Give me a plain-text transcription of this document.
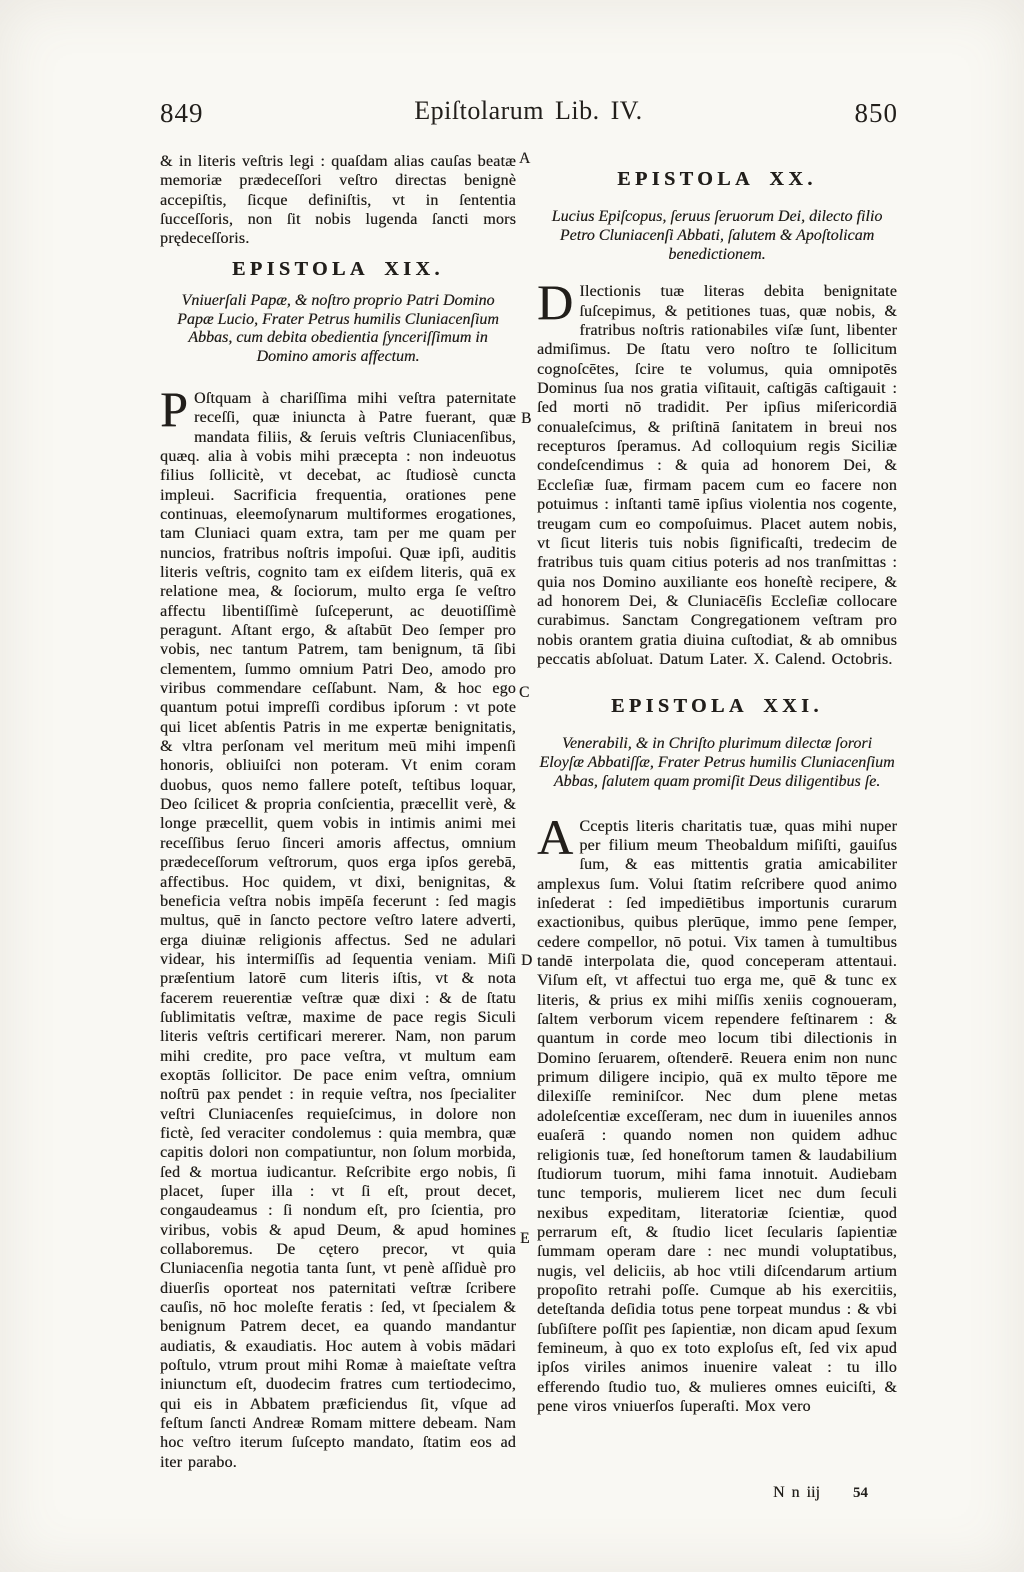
849	Epiſtolarum Lib. IV.	850

& in literis veſtris legi : quaſdam alias cauſas beatæ memoriæ prædeceſſori veſtro directas benignè accepiſtis, ſicque definiſtis, vt in ſententia ſucceſſoris, non ſit nobis lugenda ſancti mors prędeceſſoris.

EPISTOLA XIX.

Vniuerſali Papæ, & noſtro proprio Patri Domino Papæ Lucio, Frater Petrus humilis Cluniacenſium Abbas, cum debita obedientia ſynceriſſimum in Domino amoris affectum.

P Oſtquam à chariſſima mihi veſtra paternitate receſſi, quæ iniuncta à Patre fuerant, quæ mandata filiis, & ſeruis veſtris Cluniacenſibus, quæq. alia à vobis mihi præcepta : non indeuotus filius ſollicitè, vt decebat, ac ſtudiosè cuncta impleui. Sacrificia frequentia, orationes pene continuas, eleemoſynarum multiformes erogationes, tam Cluniaci quam extra, tam per me quam per nuncios, fratribus noſtris impoſui. Quæ ipſi, auditis literis veſtris, cognito tam ex eiſdem literis, quā ex relatione mea, & ſociorum, multo erga ſe veſtro affectu libentiſſimè ſuſceperunt, ac deuotiſſimè peragunt. Aſtant ergo, & aſtabūt Deo ſemper pro vobis, nec tantum Patrem, tam benignum, tā ſibi clementem, ſummo omnium Patri Deo, amodo pro viribus commendare ceſſabunt. Nam, & hoc ego quantum potui impreſſi cordibus ipſorum : vt pote qui licet abſentis Patris in me expertæ benignitatis, & vltra perſonam vel meritum meū mihi impenſi honoris, obliuiſci non poteram. Vt enim coram duobus, quos nemo fallere poteſt, teſtibus loquar, Deo ſcilicet & propria conſcientia, præcellit verè, & longe præcellit, quem vobis in intimis animi mei receſſibus ſeruo ſinceri amoris affectus, omnium prædeceſſorum veſtrorum, quos erga ipſos gerebā, affectibus. Hoc quidem, vt dixi, benignitas, & beneficia veſtra nobis impēſa fecerunt : ſed magis multus, quē in ſancto pectore veſtro latere adverti, erga diuinæ religionis affectus. Sed ne adulari videar, his intermiſſis ad ſequentia veniam. Miſi præſentium latorē cum literis iſtis, vt & nota facerem reuerentiæ veſtræ quæ dixi : & de ſtatu ſublimitatis veſtræ, maxime de pace regis Siculi literis veſtris certificari mererer. Nam, non parum mihi credite, pro pace veſtra, vt multum eam exoptās ſollicitor. De pace enim veſtra, omnium noſtrū pax pendet : in requie veſtra, nos ſpecialiter veſtri Cluniacenſes requieſcimus, in dolore non fictè, ſed veraciter condolemus : quia membra, quæ capitis dolori non compatiuntur, non ſolum morbida, ſed & mortua iudicantur. Reſcribite ergo nobis, ſi placet, ſuper illa : vt ſi eſt, prout decet, congaudeamus : ſi nondum eſt, pro ſcientia, pro viribus, vobis & apud Deum, & apud homines collaboremus. De cętero precor, vt quia Cluniacenſia negotia tanta ſunt, vt penè aſſiduè pro diuerſis oporteat nos paternitati veſtræ ſcribere cauſis, nō hoc moleſte feratis : ſed, vt ſpecialem & benignum Patrem decet, ea quando mandantur audiatis, & exaudiatis. Hoc autem à vobis mādari poſtulo, vtrum prout mihi Romæ à maieſtate veſtra iniunctum eſt, duodecim fratres cum tertiodecimo, qui eis in Abbatem præficiendus ſit, vſque ad feſtum ſancti Andreæ Romam mittere debeam. Nam hoc veſtro iterum ſuſcepto mandato, ſtatim eos ad iter parabo.

EPISTOLA XX.

Lucius Epiſcopus, ſeruus ſeruorum Dei, dilecto filio Petro Cluniacenſi Abbati, ſalutem & Apoſtolicam benedictionem.

D Ilectionis tuæ literas debita benignitate ſuſcepimus, & petitiones tuas, quæ nobis, & fratribus noſtris rationabiles viſæ ſunt, libenter admiſimus. De ſtatu vero noſtro te ſollicitum cognoſcētes, ſcire te volumus, quia omnipotēs Dominus ſua nos gratia viſitauit, caſtigās caſtigauit : ſed morti nō tradidit. Per ipſius miſericordiā conualeſcimus, & priſtinā ſanitatem in breui nos recepturos ſperamus. Ad colloquium regis Siciliæ condeſcendimus : & quia ad honorem Dei, & Eccleſiæ ſuæ, firmam pacem cum eo facere non potuimus : inſtanti tamē ipſius violentia nos cogente, treugam cum eo compoſuimus. Placet autem nobis, vt ſicut literis tuis nobis ſignificaſti, tredecim de fratribus tuis quam citius poteris ad nos tranſmittas : quia nos Domino auxiliante eos honeſtè recipere, & ad honorem Dei, & Cluniacēſis Eccleſiæ collocare curabimus. Sanctam Congregationem veſtram pro nobis orantem gratia diuina cuſtodiat, & ab omnibus peccatis abſoluat. Datum Later. X. Calend. Octobris.

EPISTOLA XXI.

Venerabili, & in Chriſto plurimum dilectæ ſorori Eloyſæ Abbatiſſæ, Frater Petrus humilis Cluniacenſium Abbas, ſalutem quam promiſit Deus diligentibus ſe.

A Cceptis literis charitatis tuæ, quas mihi nuper per filium meum Theobaldum miſiſti, gauiſus ſum, & eas mittentis gratia amicabiliter amplexus ſum. Volui ſtatim reſcribere quod animo inſederat : ſed impediētibus importunis curarum exactionibus, quibus plerūque, immo pene ſemper, cedere compellor, nō potui. Vix tamen à tumultibus tandē interpolata die, quod conceperam attentaui. Viſum eſt, vt affectui tuo erga me, quē & tunc ex literis, & prius ex mihi miſſis xeniis cognoueram, ſaltem verborum vicem rependere feſtinarem : & quantum in corde meo locum tibi dilectionis in Domino ſeruarem, oſtenderē. Reuera enim non nunc primum diligere incipio, quā ex multo tēpore me dilexiſſe reminiſcor. Nec dum plene metas adoleſcentiæ exceſſeram, nec dum in iuueniles annos euaſerā : quando nomen non quidem adhuc religionis tuæ, ſed honeſtorum tamen & laudabilium ſtudiorum tuorum, mihi fama innotuit. Audiebam tunc temporis, mulierem licet nec dum ſeculi nexibus expeditam, literatoriæ ſcientiæ, quod perrarum eſt, & ſtudio licet ſecularis ſapientiæ ſummam operam dare : nec mundi voluptatibus, nugis, vel deliciis, ab hoc vtili diſcendarum artium propoſito retrahi poſſe. Cumque ab his exercitiis, deteſtanda deſidia totus pene torpeat mundus : & vbi ſubſiſtere poſſit pes ſapientiæ, non dicam apud ſexum femineum, à quo ex toto exploſus eſt, ſed vix apud ipſos viriles animos inuenire valeat : tu illo efferendo ſtudio tuo, & mulieres omnes euiciſti, & pene viros vniuerſos ſuperaſti. Mox vero

A
B
C
D
E
N n iij 54
